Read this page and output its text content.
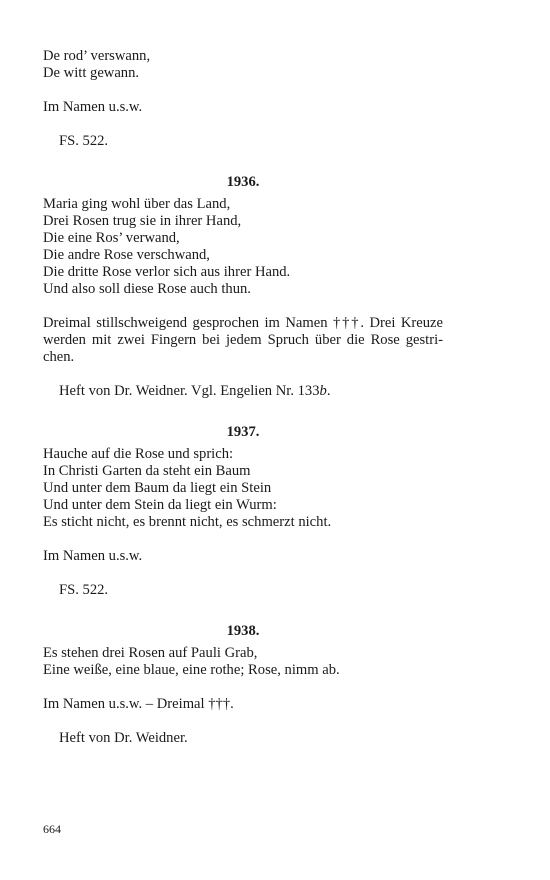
De rod’ verswann,
De witt gewann.
Im Namen u.s.w.
FS. 522.
1936.
Maria ging wohl über das Land,
Drei Rosen trug sie in ihrer Hand,
Die eine Ros’ verwand,
Die andre Rose verschwand,
Die dritte Rose verlor sich aus ihrer Hand.
Und also soll diese Rose auch thun.
Dreimal stillschweigend gesprochen im Namen †††. Drei Kreuze
werden mit zwei Fingern bei jedem Spruch über die Rose gestri-
chen.
Heft von Dr. Weidner. Vgl. Engelien Nr. 133b.
1937.
Hauche auf die Rose und sprich:
In Christi Garten da steht ein Baum
Und unter dem Baum da liegt ein Stein
Und unter dem Stein da liegt ein Wurm:
Es sticht nicht, es brennt nicht, es schmerzt nicht.
Im Namen u.s.w.
FS. 522.
1938.
Es stehen drei Rosen auf Pauli Grab,
Eine weiße, eine blaue, eine rothe; Rose, nimm ab.
Im Namen u.s.w. – Dreimal †††.
Heft von Dr. Weidner.
664
